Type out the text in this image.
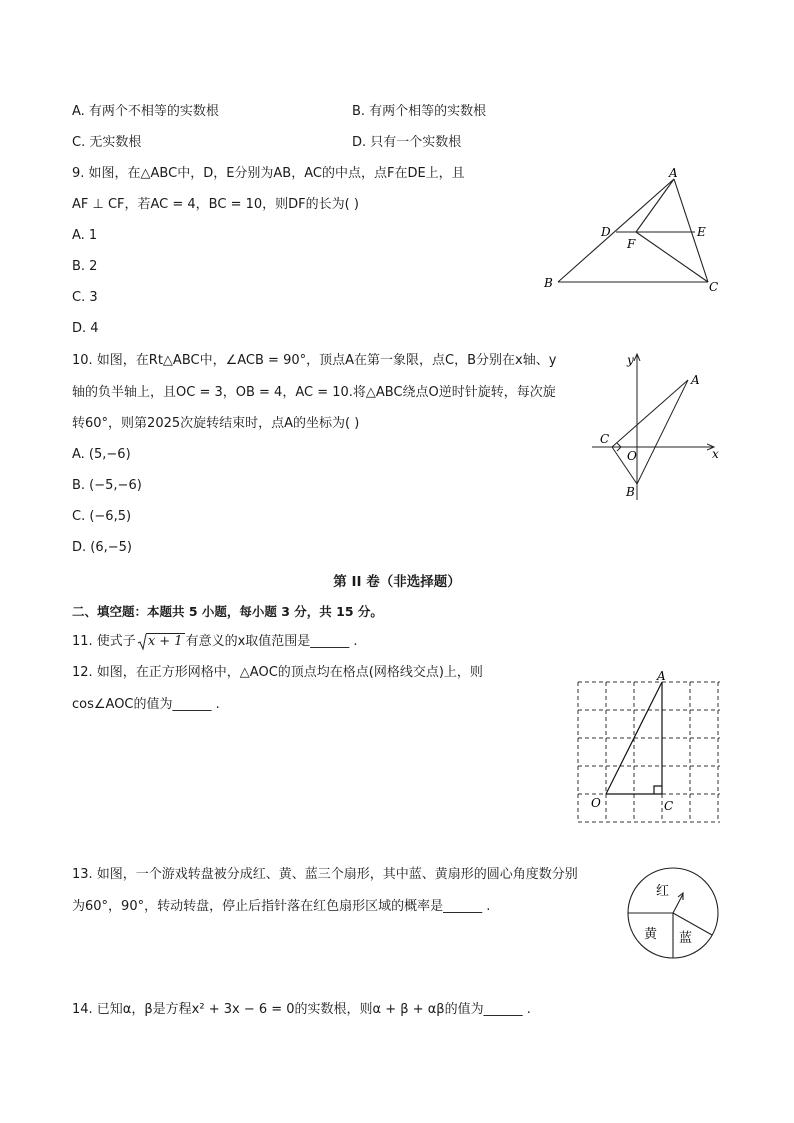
A. 有两个不相等的实数根	B. 有两个相等的实数根
C. 无实数根	D. 只有一个实数根
9. 如图，在△ABC中，D，E分别为AB，AC的中点，点F在DE上，且
AF ⊥ CF，若AC = 4，BC = 10，则DF的长为( )
A. 1
B. 2
C. 3
D. 4
A
D	E
F
B	C
10. 如图，在Rt△ABC中，∠ACB = 90°，顶点A在第一象限，点C，B分别在x轴、y
轴的负半轴上，且OC = 3，OB = 4，AC = 10.将△ABC绕点O逆时针旋转，每次旋
转60°，则第2025次旋转结束时，点A的坐标为( )
A. (5,−6)
B. (−5,−6)
C. (−6,5)
D. (6,−5)
y
x
A
C
O
B
第 II 卷（非选择题）
二、填空题：本题共 5 小题，每小题 3 分，共 15 分。
11. 使式子 x + 1 有意义的x取值范围是______ .
12. 如图，在正方形网格中，△AOC的顶点均在格点(网格线交点)上，则
cos∠AOC的值为______ .
A
O	C
13. 如图，一个游戏转盘被分成红、黄、蓝三个扇形，其中蓝、黄扇形的圆心角度数分别
为60°，90°，转动转盘，停止后指针落在红色扇形区域的概率是______ .
红
黄 蓝
14. 已知α，β是方程x² + 3x − 6 = 0的实数根，则α + β + αβ的值为______ .
